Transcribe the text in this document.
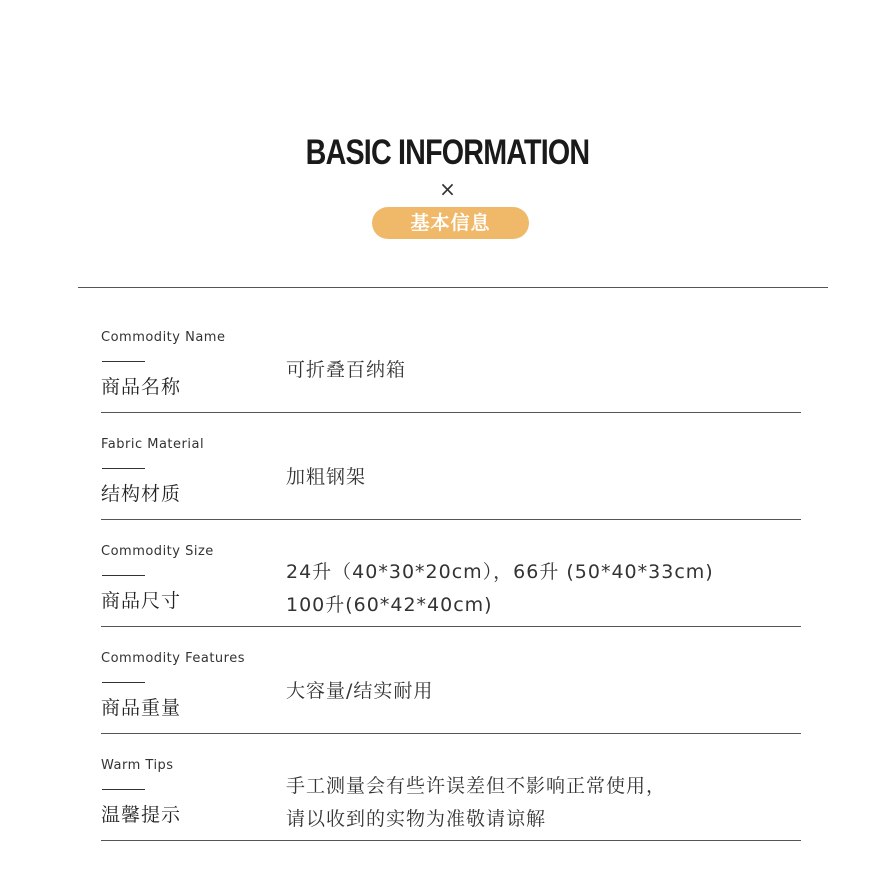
BASIC INFORMATION
×
基本信息
Commodity Name
商品名称
可折叠百纳箱
Fabric Material
结构材质
加粗钢架
Commodity Size
商品尺寸
24升（40*30*20cm），66升 (50*40*33cm)
100升(60*42*40cm)
Commodity Features
商品重量
大容量/结实耐用
Warm Tips
温馨提示
手工测量会有些许误差但不影响正常使用，
请以收到的实物为准敬请谅解
